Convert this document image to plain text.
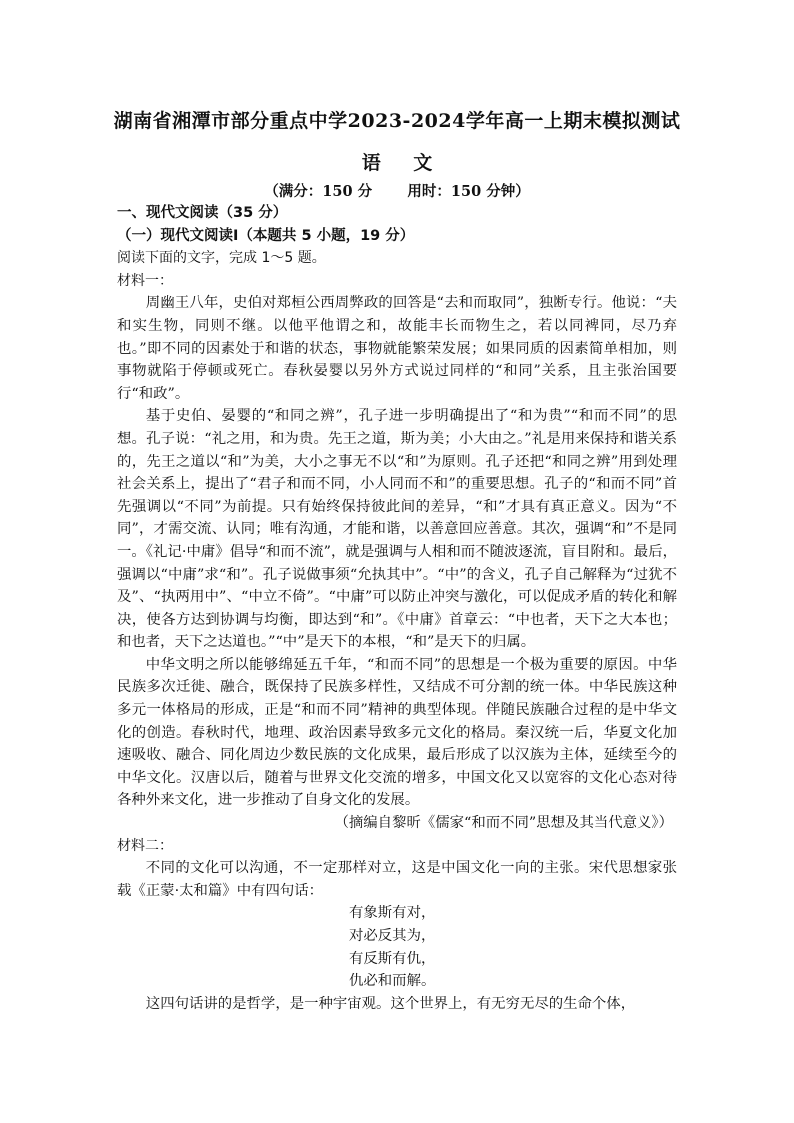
湖南省湘潭市部分重点中学2023-2024学年高一上期末模拟测试
语 文
（满分：150 分       用时：150 分钟）

一、现代文阅读（35 分）

（一）现代文阅读Ⅰ（本题共 5 小题，19 分）

阅读下面的文字，完成 1～5 题。

材料一：

周幽王八年，史伯对郑桓公西周弊政的回答是“去和而取同”，独断专行。他说：“夫和实生物，同则不继。以他平他谓之和，故能丰长而物生之，若以同裨同，尽乃弃也。”即不同的因素处于和谐的状态，事物就能繁荣发展；如果同质的因素简单相加，则事物就陷于停顿或死亡。春秋晏婴以另外方式说过同样的“和同”关系，且主张治国要行“和政”。

基于史伯、晏婴的“和同之辨”，孔子进一步明确提出了“和为贵”“和而不同”的思想。孔子说：“礼之用，和为贵。先王之道，斯为美；小大由之。”礼是用来保持和谐关系的，先王之道以“和”为美，大小之事无不以“和”为原则。孔子还把“和同之辨”用到处理社会关系上，提出了“君子和而不同，小人同而不和”的重要思想。孔子的“和而不同”首先强调以“不同”为前提。只有始终保持彼此间的差异，“和”才具有真正意义。因为“不同”，才需交流、认同；唯有沟通，才能和谐，以善意回应善意。其次，强调“和”不是同一。《礼记·中庸》倡导“和而不流”，就是强调与人相和而不随波逐流，盲目附和。最后，强调以“中庸”求“和”。孔子说做事须“允执其中”。“中”的含义，孔子自己解释为“过犹不及”、“执两用中”、“中立不倚”。“中庸”可以防止冲突与激化，可以促成矛盾的转化和解决，使各方达到协调与均衡，即达到“和”。《中庸》首章云：“中也者，天下之大本也；和也者，天下之达道也。”“中”是天下的本根，“和”是天下的归属。

中华文明之所以能够绵延五千年，“和而不同”的思想是一个极为重要的原因。中华民族多次迁徙、融合，既保持了民族多样性，又结成不可分割的统一体。中华民族这种多元一体格局的形成，正是“和而不同”精神的典型体现。伴随民族融合过程的是中华文化的创造。春秋时代，地理、政治因素导致多元文化的格局。秦汉统一后，华夏文化加速吸收、融合、同化周边少数民族的文化成果，最后形成了以汉族为主体，延续至今的中华文化。汉唐以后，随着与世界文化交流的增多，中国文化又以宽容的文化心态对待各种外来文化，进一步推动了自身文化的发展。

（摘编自黎昕《儒家“和而不同”思想及其当代意义》）

材料二：

不同的文化可以沟通，不一定那样对立，这是中国文化一向的主张。宋代思想家张载《正蒙·太和篇》中有四句话：

有象斯有对，
对必反其为，
有反斯有仇，
仇必和而解。

这四句话讲的是哲学，是一种宇宙观。这个世界上，有无穷无尽的生命个体，
